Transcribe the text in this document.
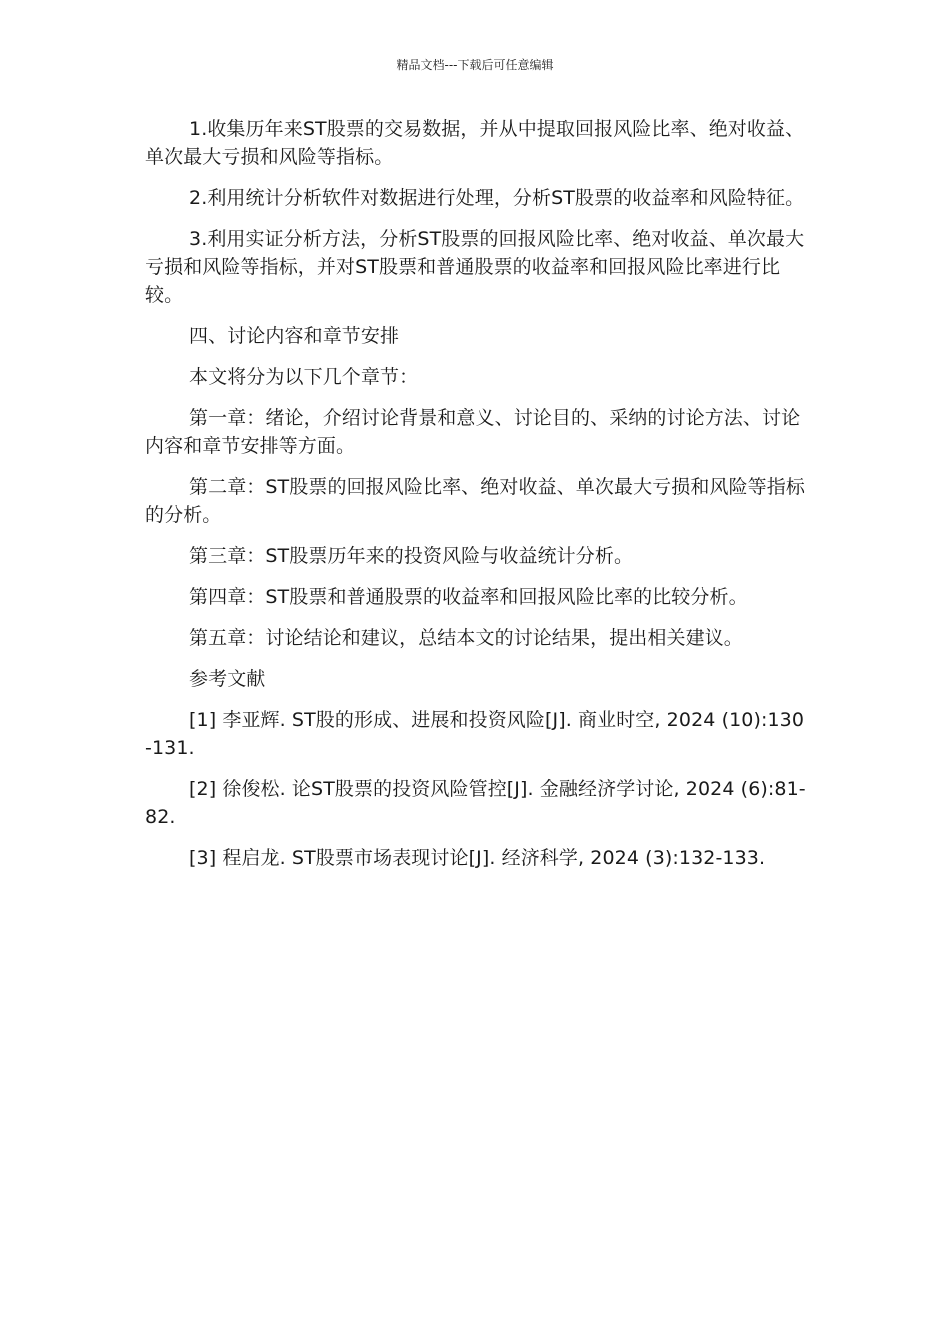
精品文档---下载后可任意编辑

1.收集历年来ST股票的交易数据，并从中提取回报风险比率、绝对收益、单次最大亏损和风险等指标。

2.利用统计分析软件对数据进行处理，分析ST股票的收益率和风险特征。

3.利用实证分析方法，分析ST股票的回报风险比率、绝对收益、单次最大亏损和风险等指标，并对ST股票和普通股票的收益率和回报风险比率进行比较。

四、讨论内容和章节安排

本文将分为以下几个章节：

第一章：绪论，介绍讨论背景和意义、讨论目的、采纳的讨论方法、讨论内容和章节安排等方面。

第二章：ST股票的回报风险比率、绝对收益、单次最大亏损和风险等指标的分析。

第三章：ST股票历年来的投资风险与收益统计分析。

第四章：ST股票和普通股票的收益率和回报风险比率的比较分析。

第五章：讨论结论和建议，总结本文的讨论结果，提出相关建议。

参考文献

[1] 李亚辉. ST股的形成、进展和投资风险[J]. 商业时空, 2024 (10):130-131.

[2] 徐俊松. 论ST股票的投资风险管控[J]. 金融经济学讨论, 2024 (6):81-82.

[3] 程启龙. ST股票市场表现讨论[J]. 经济科学, 2024 (3):132-133.
